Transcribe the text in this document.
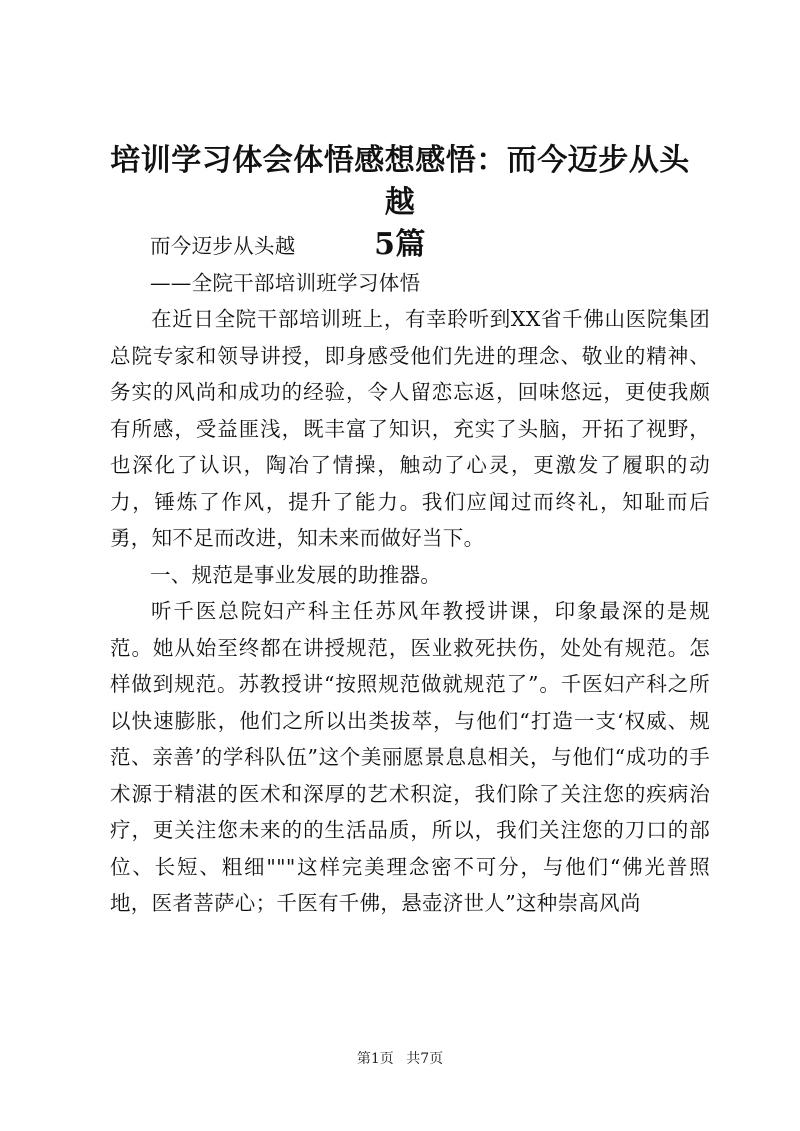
培训学习体会体悟感想感悟：而今迈步从头越
5篇

而今迈步从头越

——全院干部培训班学习体悟

在近日全院干部培训班上，有幸聆听到XX省千佛山医院集团总院专家和领导讲授，即身感受他们先进的理念、敬业的精神、务实的风尚和成功的经验，令人留恋忘返，回味悠远，更使我颇有所感，受益匪浅，既丰富了知识，充实了头脑，开拓了视野，也深化了认识，陶冶了情操，触动了心灵，更激发了履职的动力，锤炼了作风，提升了能力。我们应闻过而终礼，知耻而后勇，知不足而改进，知未来而做好当下。

一、规范是事业发展的助推器。

听千医总院妇产科主任苏风年教授讲课，印象最深的是规范。她从始至终都在讲授规范，医业救死扶伤，处处有规范。怎样做到规范。苏教授讲“按照规范做就规范了”。千医妇产科之所以快速膨胀，他们之所以出类拔萃，与他们“打造一支‘权威、规范、亲善’的学科队伍”这个美丽愿景息息相关，与他们“成功的手术源于精湛的医术和深厚的艺术积淀，我们除了关注您的疾病治疗，更关注您未来的的生活品质，所以，我们关注您的刀口的部位、长短、粗细"""这样完美理念密不可分，与他们“佛光普照地，医者菩萨心；千医有千佛，悬壶济世人”这种崇高风尚

第1页 共7页
